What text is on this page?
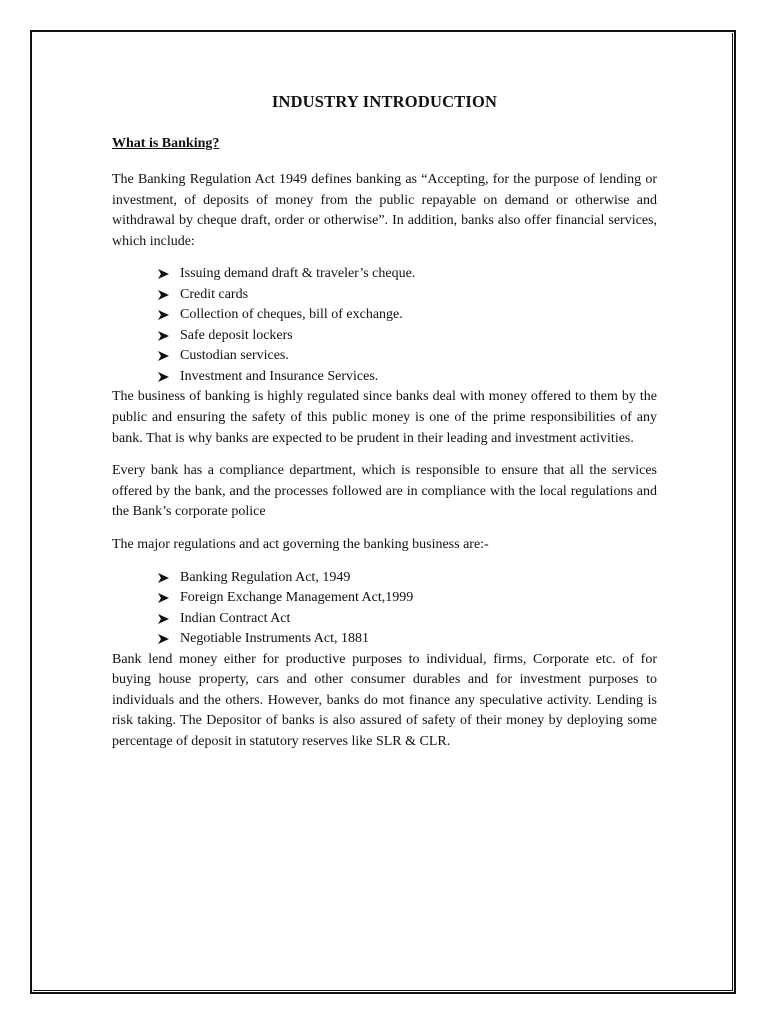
INDUSTRY INTRODUCTION
What is Banking?

The Banking Regulation Act 1949 defines banking as “Accepting, for the purpose of lending or investment, of deposits of money from the public repayable on demand or otherwise and withdrawal by cheque draft, order or otherwise”. In addition, banks also offer financial services, which include:

Issuing demand draft & traveler’s cheque.
Credit cards
Collection of cheques, bill of exchange.
Safe deposit lockers
Custodian services.
Investment and Insurance Services.

The business of banking is highly regulated since banks deal with money offered to them by the public and ensuring the safety of this public money is one of the prime responsibilities of any bank. That is why banks are expected to be prudent in their leading and investment activities.

Every bank has a compliance department, which is responsible to ensure that all the services offered by the bank, and the processes followed are in compliance with the local regulations and the Bank’s corporate police

The major regulations and act governing the banking business are:-

Banking Regulation Act, 1949
Foreign Exchange Management Act,1999
Indian Contract Act
Negotiable Instruments Act, 1881

Bank lend money either for productive purposes to individual, firms, Corporate etc. of for buying house property, cars and other consumer durables and for investment purposes to individuals and the others. However, banks do mot finance any speculative activity. Lending is risk taking. The Depositor of banks is also assured of safety of their money by deploying some percentage of deposit in statutory reserves like SLR & CLR.
